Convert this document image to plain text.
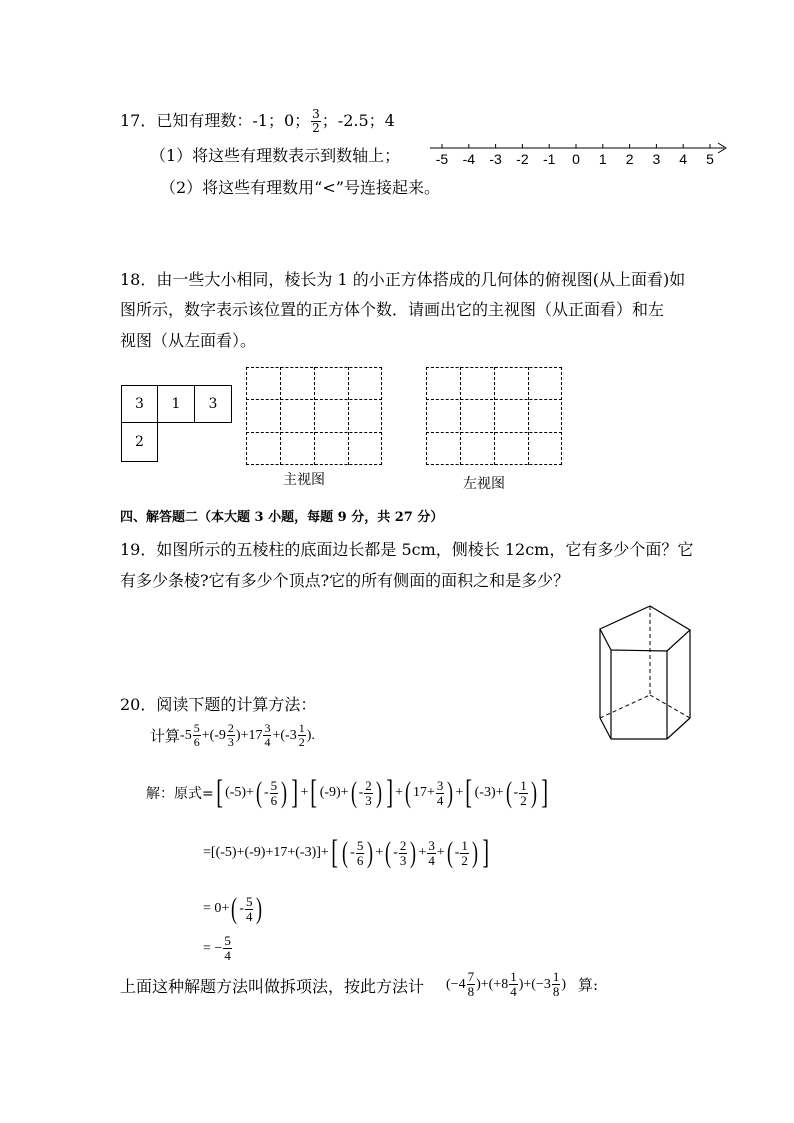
17．已知有理数：-1；0； $\frac{3}{2}$ ；-2.5；4
（1）将这些有理数表示到数轴上；
（2）将这些有理数用“<”号连接起来。
-5 -4 -3 -2 -1 0 1 2 3 4 5
18．由一些大小相同，棱长为 1 的小正方体搭成的几何体的俯视图(从上面看)如
图所示，数字表示该位置的正方体个数．请画出它的主视图（从正面看）和左
视图（从左面看）。
3	1	3
2
主视图	左视图
四、解答题二（本大题 3 小题，每题 9 分，共 27 分）
19．如图所示的五棱柱的底面边长都是 5cm，侧棱长 12cm，它有多少个面？它
有多少条棱?它有多少个顶点?它的所有侧面的面积之和是多少？
20．阅读下题的计算方法：
计算 - $5 \frac{5}{6}$ +(- $9 \frac{2}{3}$ )+ $17 \frac{3}{4}$ +(- $3 \frac{1}{2}$ ).
解：原式= [ (- 5 )+ ( - $\frac{5}{6}$ ) ] + [ (- 9 )+ ( - $\frac{2}{3}$ ) ] + ( $17 + \frac{3}{4}$ ) + [ (- 3 )+ ( - $\frac{1}{2}$ ) ]
= [(- 5 )+(- 9 )+ 17 +(- 3 )]+ [ ( - $\frac{5}{6}$ ) + ( - $\frac{2}{3}$ ) + $\frac{3}{4}$ + ( - $\frac{1}{2}$ ) ]
=
0+ ( - $\frac{5}{4}$ )
= − $\frac{5}{4}$
上面这种解题方法叫做拆项法，按此方法计 (− $4 \frac{7}{8}$ )+(+ $8 \frac{1}{4}$ )+(− $3 \frac{1}{8}$ ) 算:
